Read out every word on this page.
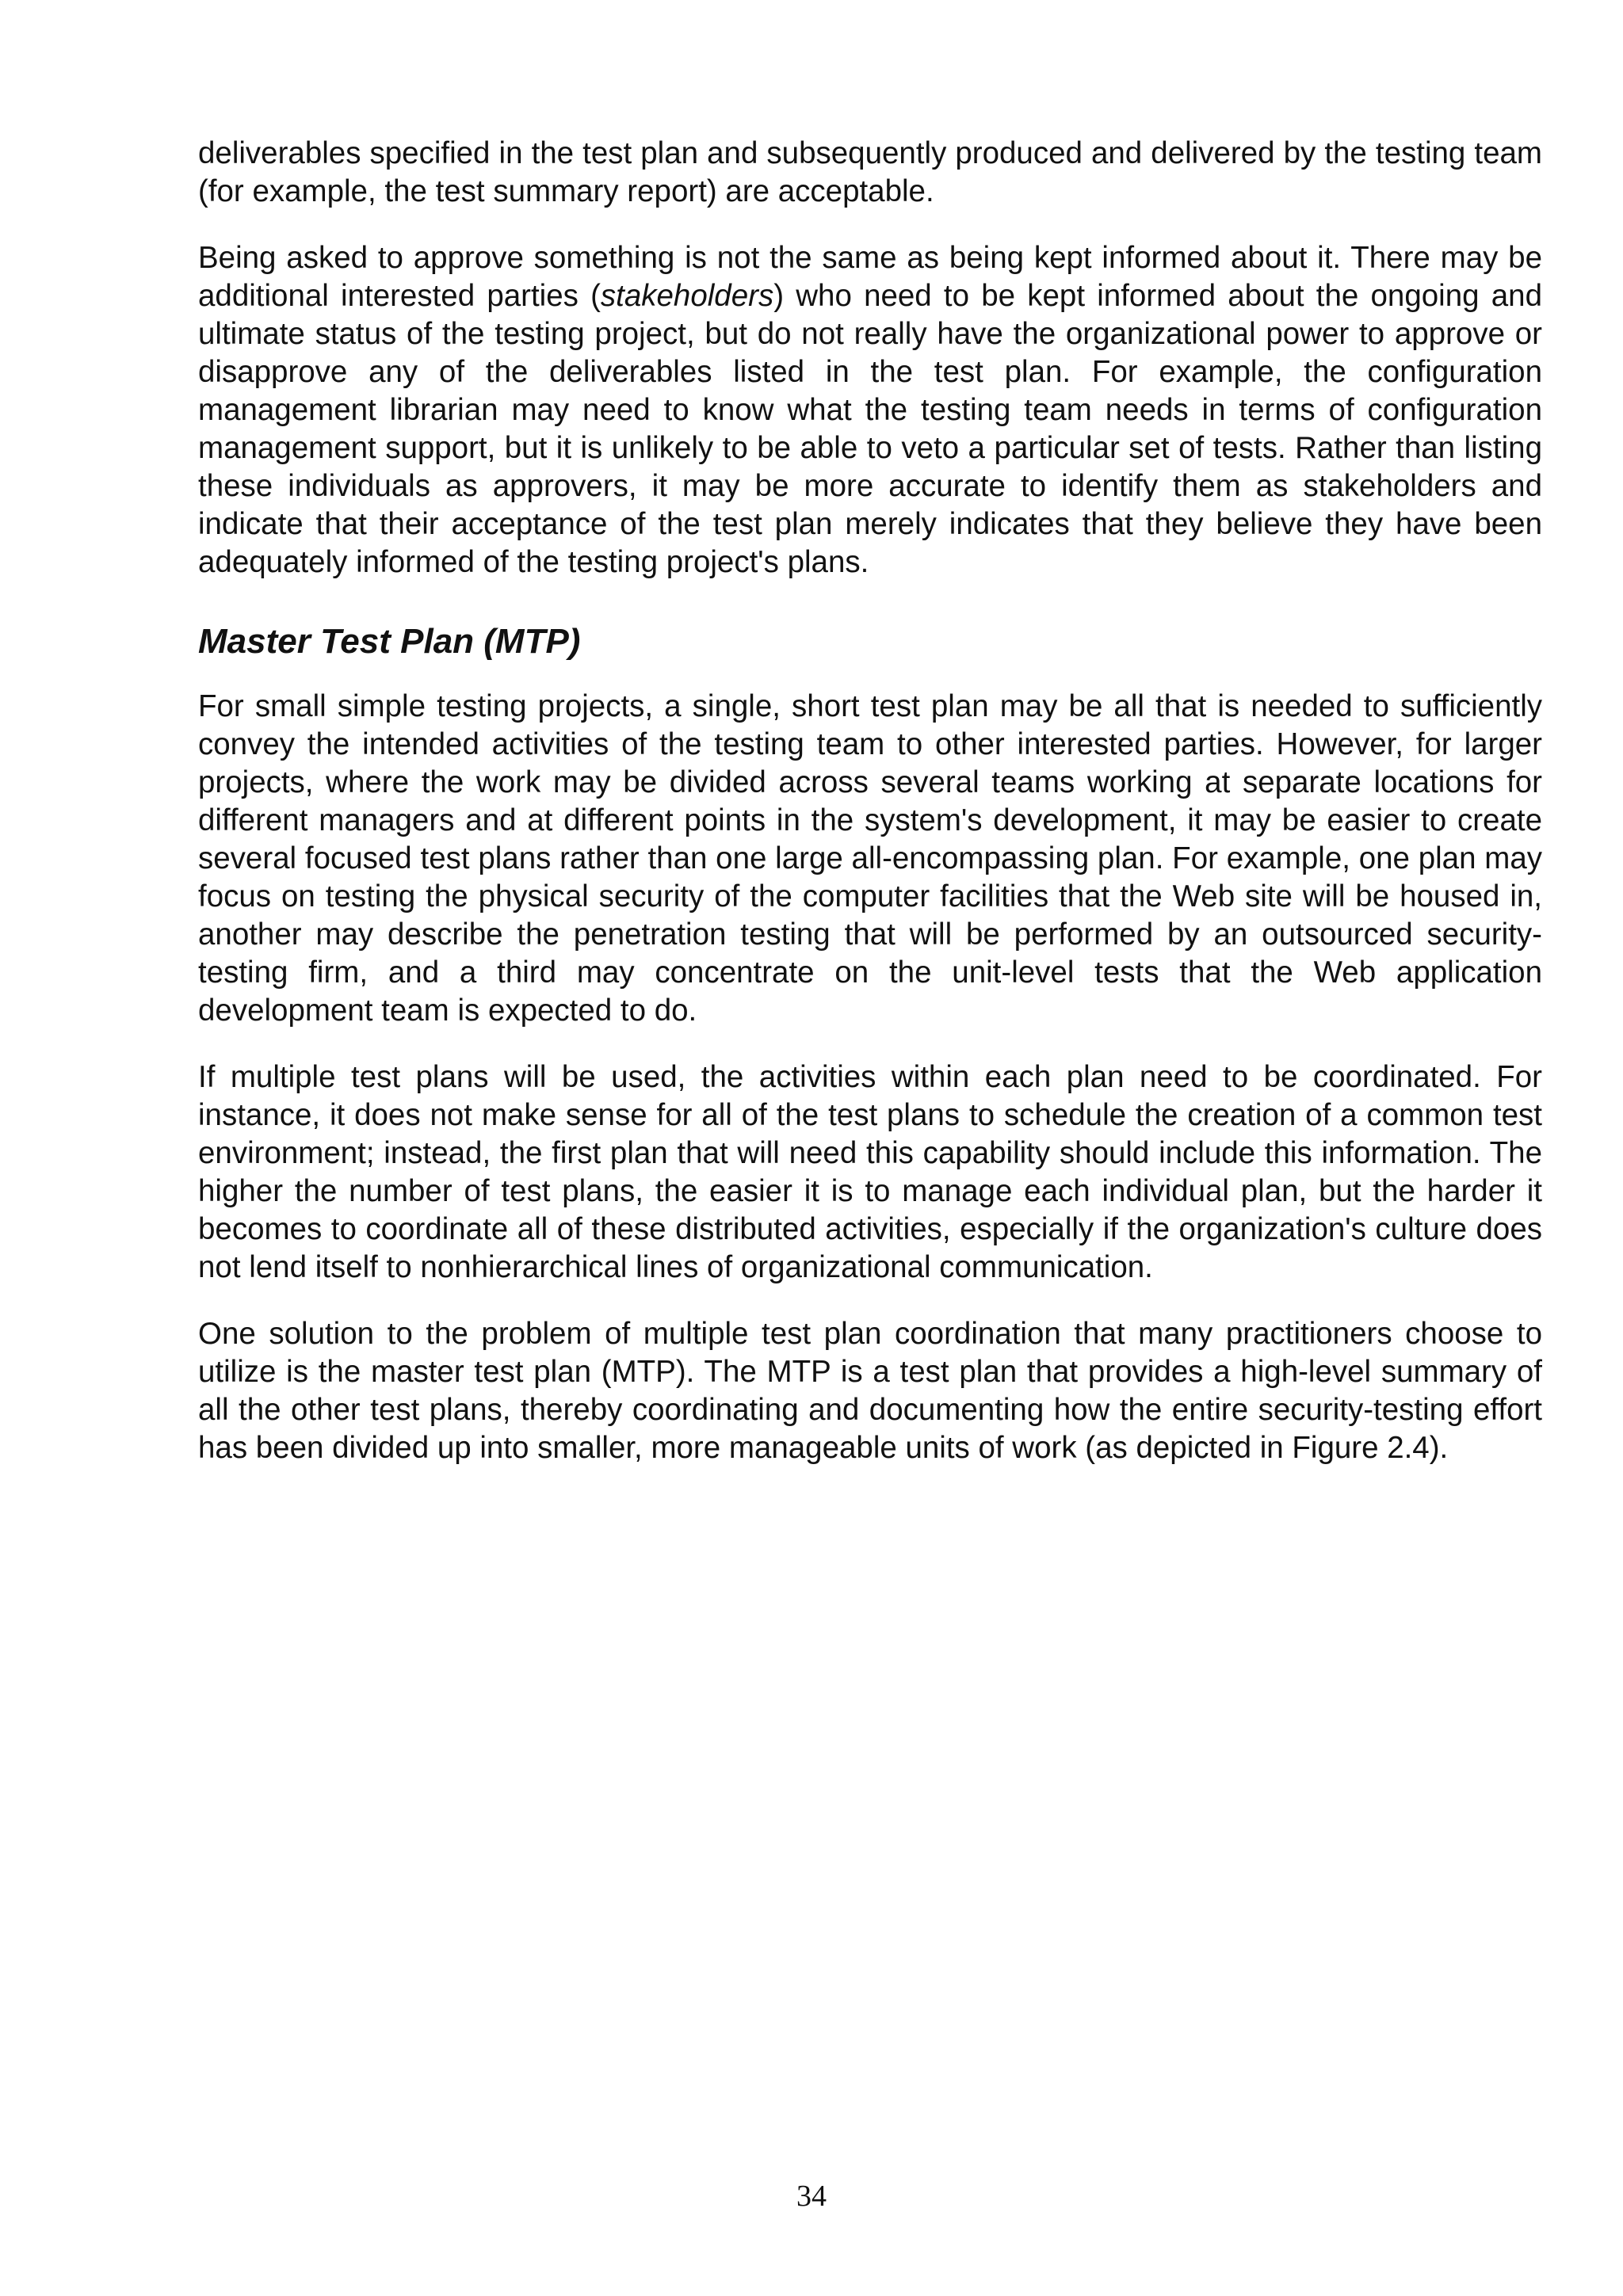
deliverables specified in the test plan and subsequently produced and delivered by the testing team (for example, the test summary report) are acceptable.

Being asked to approve something is not the same as being kept informed about it. There may be additional interested parties (stakeholders) who need to be kept informed about the ongoing and ultimate status of the testing project, but do not really have the organizational power to approve or disapprove any of the deliverables listed in the test plan. For example, the configuration management librarian may need to know what the testing team needs in terms of configuration management support, but it is unlikely to be able to veto a particular set of tests. Rather than listing these individuals as approvers, it may be more accurate to identify them as stakeholders and indicate that their acceptance of the test plan merely indicates that they believe they have been adequately informed of the testing project's plans.

Master Test Plan (MTP)

For small simple testing projects, a single, short test plan may be all that is needed to sufficiently convey the intended activities of the testing team to other interested parties. However, for larger projects, where the work may be divided across several teams working at separate locations for different managers and at different points in the system's development, it may be easier to create several focused test plans rather than one large all-encompassing plan. For example, one plan may focus on testing the physical security of the computer facilities that the Web site will be housed in, another may describe the penetration testing that will be performed by an outsourced security-testing firm, and a third may concentrate on the unit-level tests that the Web application development team is expected to do.

If multiple test plans will be used, the activities within each plan need to be coordinated. For instance, it does not make sense for all of the test plans to schedule the creation of a common test environment; instead, the first plan that will need this capability should include this information. The higher the number of test plans, the easier it is to manage each individual plan, but the harder it becomes to coordinate all of these distributed activities, especially if the organization's culture does not lend itself to nonhierarchical lines of organizational communication.

One solution to the problem of multiple test plan coordination that many practitioners choose to utilize is the master test plan (MTP). The MTP is a test plan that provides a high-level summary of all the other test plans, thereby coordinating and documenting how the entire security-testing effort has been divided up into smaller, more manageable units of work (as depicted in Figure 2.4).

34
